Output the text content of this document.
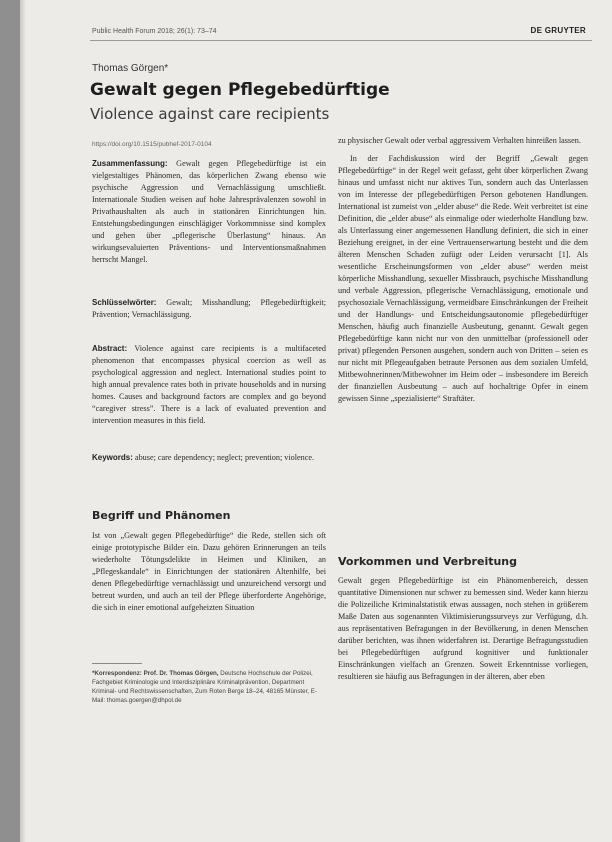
Public Health Forum 2018; 26(1): 73–74	DE GRUYTER
Thomas Görgen*
Gewalt gegen Pflegebedürftige
Violence against care recipients
https://doi.org/10.1515/pubhef-2017-0104
Zusammenfassung: Gewalt gegen Pflegebedürftige ist ein vielgestaltiges Phänomen, das körperlichen Zwang ebenso wie psychische Aggression und Vernachlässigung umschließt. Internationale Studien weisen auf hohe Jahresprävalenzen sowohl in Privathaushalten als auch in stationären Einrichtungen hin. Entstehungsbedingungen einschlägiger Vorkommnisse sind komplex und gehen über „pflegerische Überlastung“ hinaus. An wirkungsevaluierten Präventions- und Interventionsmaßnahmen herrscht Mangel.
Schlüsselwörter: Gewalt; Misshandlung; Pflegebedürftigkeit; Prävention; Vernachlässigung.
Abstract: Violence against care recipients is a multifaceted phenomenon that encompasses physical coercion as well as psychological aggression and neglect. International studies point to high annual prevalence rates both in private households and in nursing homes. Causes and background factors are complex and go beyond “caregiver stress”. There is a lack of evaluated prevention and intervention measures in this field.
Keywords: abuse; care dependency; neglect; prevention; violence.
Begriff und Phänomen

Ist von „Gewalt gegen Pflegebedürftige“ die Rede, stellen sich oft einige prototypische Bilder ein. Dazu gehören Erinnerungen an teils wiederholte Tötungsdelikte in Heimen und Kliniken, an „Pflegeskandale“ in Einrichtungen der stationären Altenhilfe, bei denen Pflegebedürftige vernachlässigt und unzureichend versorgt und betreut wurden, und auch an teil der Pflege überforderte Angehörige, die sich in einer emotional aufgeheizten Situation

*Korrespondenz: Prof. Dr. Thomas Görgen, Deutsche Hochschule der Polizei, Fachgebiet Kriminologie und Interdisziplinäre Kriminalprävention, Department Kriminal- und Rechtswissenschaften, Zum Roten Berge 18–24, 48165 Münster, E-Mail: thomas.goergen@dhpol.de

zu physischer Gewalt oder verbal aggressivem Verhalten hinreißen lassen.

In der Fachdiskussion wird der Begriff „Gewalt gegen Pflegebedürftige“ in der Regel weit gefasst, geht über körperlichen Zwang hinaus und umfasst nicht nur aktives Tun, sondern auch das Unterlassen von im Interesse der pflegebedürftigen Person gebotenen Handlungen. International ist zumeist von „elder abuse“ die Rede. Weit verbreitet ist eine Definition, die „elder abuse“ als einmalige oder wiederholte Handlung bzw. als Unterlassung einer angemessenen Handlung definiert, die sich in einer Beziehung ereignet, in der eine Vertrauenserwartung besteht und die dem älteren Menschen Schaden zufügt oder Leiden verursacht [1]. Als wesentliche Erscheinungsformen von „elder abuse“ werden meist körperliche Misshandlung, sexueller Missbrauch, psychische Misshandlung und verbale Aggression, pflegerische Vernachlässigung, emotionale und psychosoziale Vernachlässigung, vermeidbare Einschränkungen der Freiheit und der Handlungs- und Entscheidungsautonomie pflegebedürftiger Menschen, häufig auch finanzielle Ausbeutung, genannt. Gewalt gegen Pflegebedürftige kann nicht nur von den unmittelbar (professionell oder privat) pflegenden Personen ausgehen, sondern auch von Dritten – seien es nur nicht mit Pflegeaufgaben betraute Personen aus dem sozialen Umfeld, Mitbewohnerinnen/Mitbewohner im Heim oder – insbesondere im Bereich der finanziellen Ausbeutung – auch auf hochaltrige Opfer in einem gewissen Sinne „spezialisierte“ Straftäter.

Vorkommen und Verbreitung

Gewalt gegen Pflegebedürftige ist ein Phänomenbereich, dessen quantitative Dimensionen nur schwer zu bemessen sind. Weder kann hierzu die Polizeiliche Kriminalstatistik etwas aussagen, noch stehen in größerem Maße Daten aus sogenannten Viktimisierungssurveys zur Verfügung, d.h. aus repräsentativen Befragungen in der Bevölkerung, in denen Menschen darüber berichten, was ihnen widerfahren ist. Derartige Befragungsstudien bei Pflegebedürftigen aufgrund kognitiver und funktionaler Einschränkungen vielfach an Grenzen. Soweit Erkenntnisse vorliegen, resultieren sie häufig aus Befragungen in der älteren, aber eben
